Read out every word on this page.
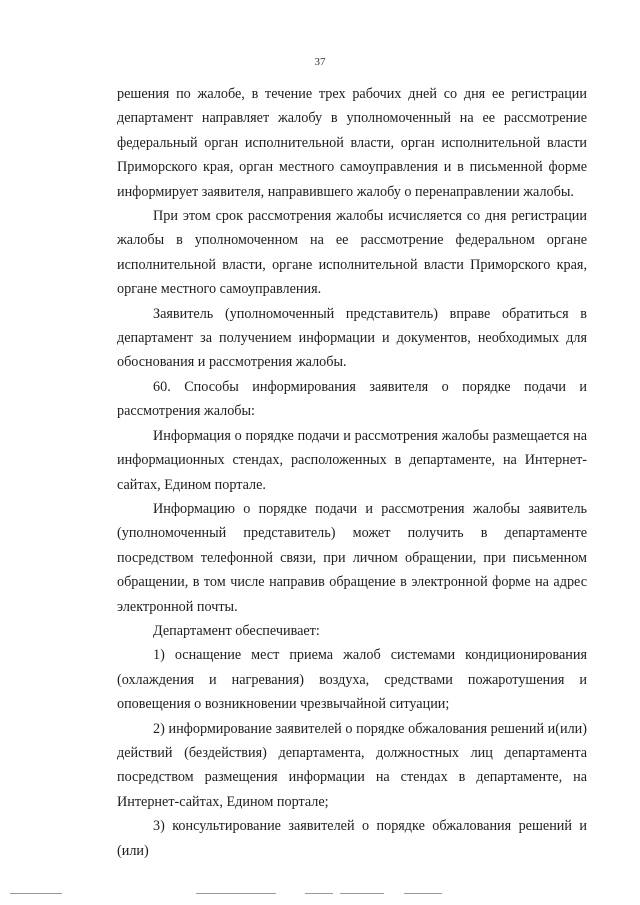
37

решения по жалобе, в течение трех рабочих дней со дня ее регистрации департамент направляет жалобу в уполномоченный на ее рассмотрение федеральный орган исполнительной власти, орган исполнительной власти Приморского края, орган местного самоуправления и в письменной форме информирует заявителя, направившего жалобу о перенаправлении жалобы.

При этом срок рассмотрения жалобы исчисляется со дня регистрации жалобы в уполномоченном на ее рассмотрение федеральном органе исполнительной власти, органе исполнительной власти Приморского края, органе местного самоуправления.

Заявитель (уполномоченный представитель) вправе обратиться в департамент за получением информации и документов, необходимых для обоснования и рассмотрения жалобы.

60. Способы информирования заявителя о порядке подачи и рассмотрения жалобы:

Информация о порядке подачи и рассмотрения жалобы размещается на информационных стендах, расположенных в департаменте, на Интернет-сайтах, Едином портале.

Информацию о порядке подачи и рассмотрения жалобы заявитель (уполномоченный представитель) может получить в департаменте посредством телефонной связи, при личном обращении, при письменном обращении, в том числе направив обращение в электронной форме на адрес электронной почты.

Департамент обеспечивает:

1) оснащение мест приема жалоб системами кондиционирования (охлаждения и нагревания) воздуха, средствами пожаротушения и оповещения о возникновении чрезвычайной ситуации;

2) информирование заявителей о порядке обжалования решений и(или) действий (бездействия) департамента, должностных лиц департамента посредством размещения информации на стендах в департаменте, на Интернет-сайтах, Едином портале;

3) консультирование заявителей о порядке обжалования решений и (или)
